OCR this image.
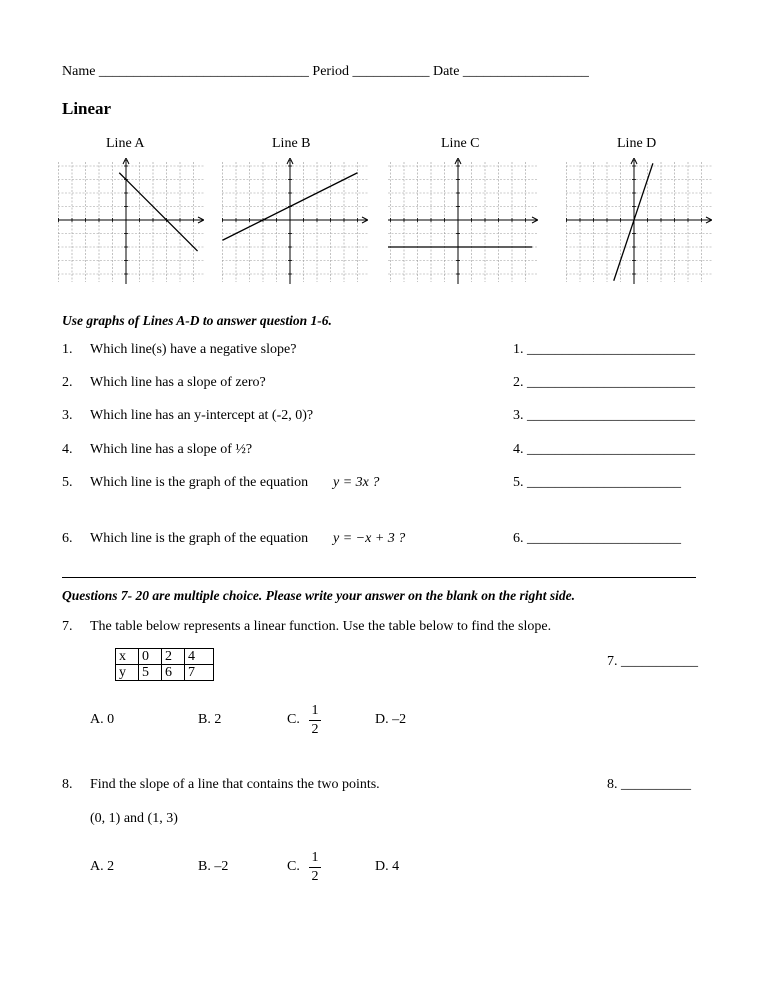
Name ______________________________ Period ___________ Date __________________
Linear
Line A	Line B	Line C	Line D
Use graphs of Lines A-D to answer question 1-6.
1. Which line(s) have a negative slope?	1. ________________________
2. Which line has a slope of zero?	2. ________________________
3. Which line has an y-intercept at (-2, 0)?	3. ________________________
4. Which line has a slope of ½?	4. ________________________
5. Which line is the graph of the equation y = 3x ?	5. ______________________
6. Which line is the graph of the equation y = −x + 3 ?	6. ______________________
Questions 7- 20 are multiple choice. Please write your answer on the blank on the right side.
7. The table below represents a linear function. Use the table below to find the slope.
x	0	2	4
y	5	6	7
7. ___________
A. 0	B. 2	C.
1
2
D. –2
8. Find the slope of a line that contains the two points.	8. __________
(0, 1) and (1, 3)
A. 2	B. –2	C.
1
2
D. 4
